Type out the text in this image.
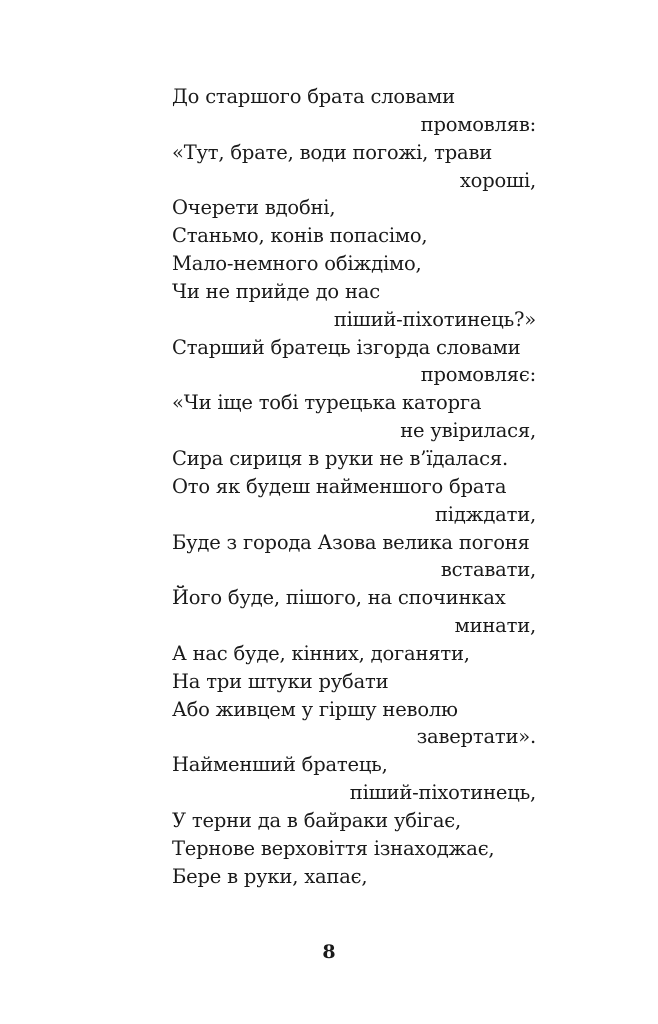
До старшого брата словами
промовляв:
«Тут, брате, води погожі, трави
хороші,
Очерети вдобні,
Станьмо, конів попасімо,
Мало-немного обіждімо,
Чи не прийде до нас
піший-піхотинець?»
Старший братець ізгорда словами
промовляє:
«Чи іще тобі турецька каторга
не увірилася,
Сира сириця в руки не в’їдалася.
Ото як будеш найменшого брата
підждати,
Буде з города Азова велика погоня
вставати,
Його буде, пішого, на спочинках
минати,
А нас буде, кінних, доганяти,
На три штуки рубати
Або живцем у гіршу неволю
завертати».
Найменший братець,
піший-піхотинець,
У терни да в байраки убігає,
Тернове верховіття ізнаходжає,
Бере в руки, хапає,
8
